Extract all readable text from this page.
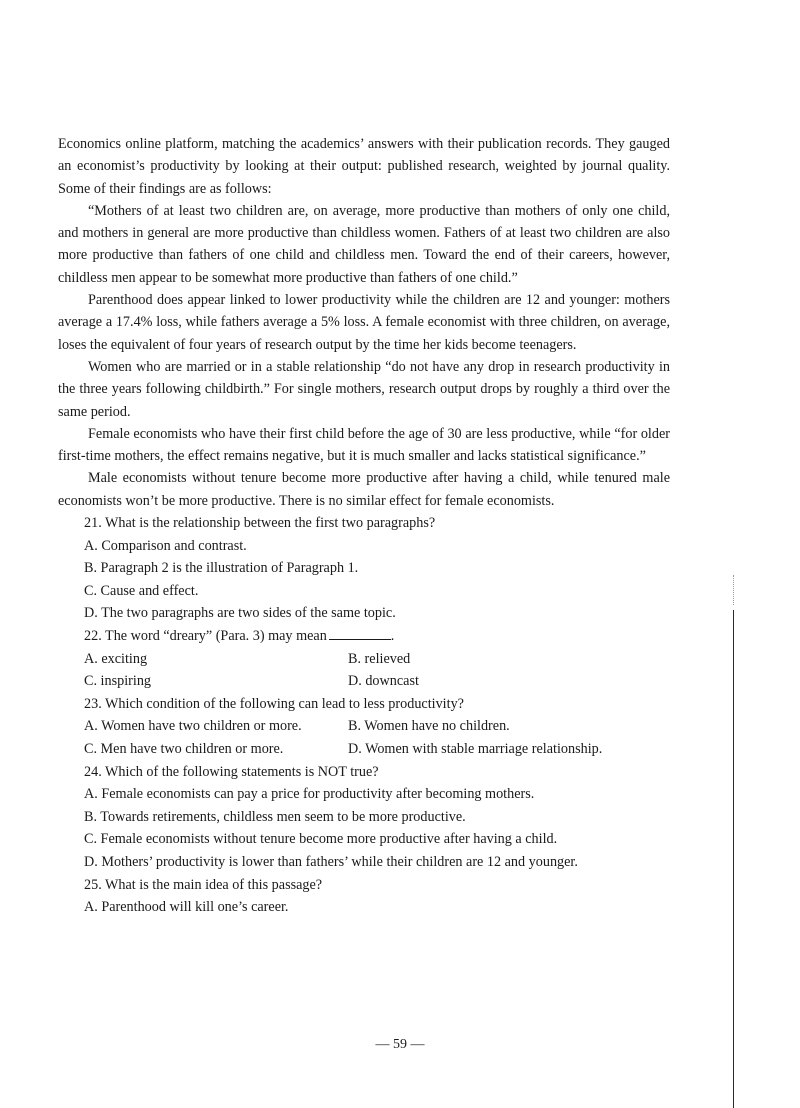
Economics online platform, matching the academics’ answers with their publication records. They gauged an economist’s productivity by looking at their output: published research, weighted by journal quality. Some of their findings are as follows:

“Mothers of at least two children are, on average, more productive than mothers of only one child, and mothers in general are more productive than childless women. Fathers of at least two children are also more productive than fathers of one child and childless men. Toward the end of their careers, however, childless men appear to be somewhat more productive than fathers of one child.”

Parenthood does appear linked to lower productivity while the children are 12 and younger: mothers average a 17.4% loss, while fathers average a 5% loss. A female economist with three children, on average, loses the equivalent of four years of research output by the time her kids become teenagers.

Women who are married or in a stable relationship “do not have any drop in research productivity in the three years following childbirth.” For single mothers, research output drops by roughly a third over the same period.

Female economists who have their first child before the age of 30 are less productive, while “for older first-time mothers, the effect remains negative, but it is much smaller and lacks statistical significance.”

Male economists without tenure become more productive after having a child, while tenured male economists won’t be more productive. There is no similar effect for female economists.

21. What is the relationship between the first two paragraphs?

A. Comparison and contrast.

B. Paragraph 2 is the illustration of Paragraph 1.

C. Cause and effect.

D. The two paragraphs are two sides of the same topic.

22. The word “dreary” (Para. 3) may mean	.

A. exciting	B. relieved
C. inspiring	D. downcast

23. Which condition of the following can lead to less productivity?

A. Women have two children or more.	B. Women have no children.
C. Men have two children or more.	D. Women with stable marriage relationship.

24. Which of the following statements is NOT true?

A. Female economists can pay a price for productivity after becoming mothers.

B. Towards retirements, childless men seem to be more productive.

C. Female economists without tenure become more productive after having a child.

D. Mothers’ productivity is lower than fathers’ while their children are 12 and younger.

25. What is the main idea of this passage?

A. Parenthood will kill one’s career.

— 59 —
